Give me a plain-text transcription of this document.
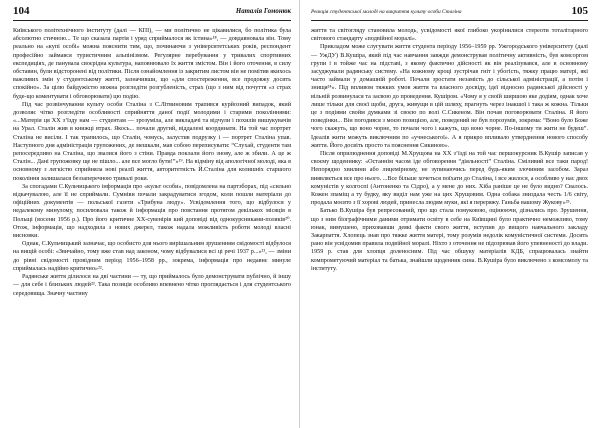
104	Наталія Гомонюк

Київського політехнічного інституту (далі — КПІ), — ми політично не цікавилися, бо політика була абсолютно стичною... Те що сказала партія і уряд сприймалося як істина»¹⁸, — довдавновала він. Тому реально на «купі особі» можна пояснити тим, що, починаючи з університетських років, респондент професійно займався туристичним альпінізмом. Регулярне перебування у тривалих спортивних експедиціях, де панувала своєрідна культура, наповнювало їх життя змістом. Він і його оточення, в силу обставин, були відсторонені від політики. Після ознайомлення із закритим листом він не помітив якихось важливих змін у студентському житті, зазначивши, що «для спостереження, все продовжу досить спокійно». За цілю байдужістю можна розгледіти розгубленість, страх (що з ним від почуття «з страх буде-що коментувати і обговорювати) цю подію.

Під час розвінчування культу особи Сталіна з С.Літвиновим трапився курйозний випадок, який дозволяє чітко розгледіти особливості сприйняття даної події молодими і старими поколіннями: «...Матерія ця XX з’їзду нам — студентам — зрозуміла, але викладачі та відчули і похилів вишукувачів на Урал. Сталін жив в книжці втрах. Якось... почали другий, віддалені координати. На той час портрет Сталіна не висіли. І так трапилось, що Сталін, чомусь, залустив подрузку і — портрет Сталіна упав. Наступного дня адміністрація групожених, де мешкали, мав собою переписувати: “Слухай, студенти там репосередливо на Сталіна, що звалися його з стіни. Правда поклали його знову, але ж збили. А це ж Сталін... Дані групожовку ще не пішло... але все могло бути!”»¹⁹. На відміну від апологічної молоді, яка в основному з легкістю сприйняла нові реалії життя, авторитетність Й.Сталіна для колишніх старшого покоління залишалася беззаперечною тривалі роки.

За спогадами С.Кульчицького інформація про «культ особи», повідомлена на партзборах, під «сильно відкачувалою, але її не сприймали. Сумніви почали закрадуватися згодом, коли пошли матеріали до офіційних документів — польської газети «Трибуна люду». Усвідомлення того, що відбулося у недалекому минулому, посилювала також й інформація про повстання протягом декількох місяців в Польщі (восени 1956 р.). Про його критичне ХХ-сувенірів кий доповіді від однокурсниками-поляків²⁰. Отож, інформація, що надходила з нових джерел, також надала можливість роботи молоді власні висновки.

Однак, С.Кульчицький зазначає, що особисто для нього вирішальним зрушенням свідомості відбулося на вищій особі: «Звичайно, тому вже став над законом, чому відбувалися всі ці речі 1937 р...»²¹, — зміни до рівні свідомості провідним період 1956–1958 рр., зокрема, інформація про недавнє минуле сприймалась надійно критично»²².

Радянське життя ділилося на дві частини — ту, що приймалось було демонструвати публічно, й іншу — для себе і близьких людей²³. Така позиція особливо впевнено чітко проглядається і для студентського середовища. Значну частину

Реакція студентської молоді на викриття культу особи Сталіна	105

життя та світогляду становила молодь, усвідомості якої глибоко укорінилися стереоти тоталітарного світового стандарту «подвійної моралі».

Прикладом може слугувати життя студента періоду 1956–1959 рр. Ужгородського університету (далі — УжДУ) В.Кушіра, який під час навчання завжди демонстрував політичну активність, був комсоргом групи і в тойже час на підставі, з якому фактично дійсності як він реалізувався, але в основному засуджували радянську систему. «На кожному кроці зустрічав гніт і убогість, тяжку працю матері, які часто займали у домашній роботі. Почали зростати незамість до сільської адміністрації, а потім і знищя²⁴». Під впливом тяжких умов життя та власного досвіду, ідеї відносно радянської дійсності у вільній розвинулася та засвою до проведення. Кушіром. «Чому я у своїй ширшою яке додіям, однак хоче лише тільки для своєї щоби, друга, живущи в цій шляху, прагнуть через інакшої і така ж кожна. Тільки це з подіями свойм думками зі своєю по волі С.Сикеном. Він почав поговорювати Сталіна. Я його поведінки... Він погодився з моєю позицією, але, поведений не був порозумів, зокрема: “Воно було Боже чого скажуть, що воно чорне, то почали чого і кажуть, що воно чорне. По-іншому ти жити не будеш”. Ідеалів жити можуть виключним по «учнеськогої». А я прикро впливало утверднення нового способу життя. Його досвіть просто та пояснення Сикиною».

Після оприлюднення доповіді М.Хрущова на ХХ з’їзді на той час першокурсник В.Кушір записав у своєму щоденнику: «Останнім часом іде обговорення “діяльності” Сталіна. Сміливий все таки парод! Непорядно хвилини або лицемірному, не зупинаючись перед будь-яким злочиним засобом. Зараз виявляється все про нього. ...Все більше хочеться поїхати до Сталіна, і все жилося, а особливо у нас двох комуністів у колгоспі (Антоненко та Сідро), а у мене до них. Хіба раніше це не було видно? Свалось. Кожен зпаміщ а ту будку, яку виділ нам уже на цих Хрущовим. Одна собака зниздала честь 1/6 світу, продала моєвто з її хорові людей, принесла людям муки, які я переряжу. Ганьба вашому Жукову»²⁵.

Батько В.Кушіра був репресований, про що стала помуковою, оцінюючи, дізнались про. Зрушення, що з ним біографічними даними отримати освіту в себе на Київщині було практично неможливо, тому юнак, вимушено, приховавши деякі факти свого життя, вступив до вищого навчального закладу Закарпаття. Хлопець знав про тяжке життя матері, тому розумів недолік комуністичної системи. Досить рано він усвідомив правила подвійної моралі. Ніхто з оточення не підозрював його упевненості до влади. 1959 р. став для хлопця доленосним. Під час обшуку матеріалів КДБ, спрацювалась знайти компрометуючий матеріал та батька, знайшли щоденник сина. В.Кушіра було виключено з комсомолу та інституту.
